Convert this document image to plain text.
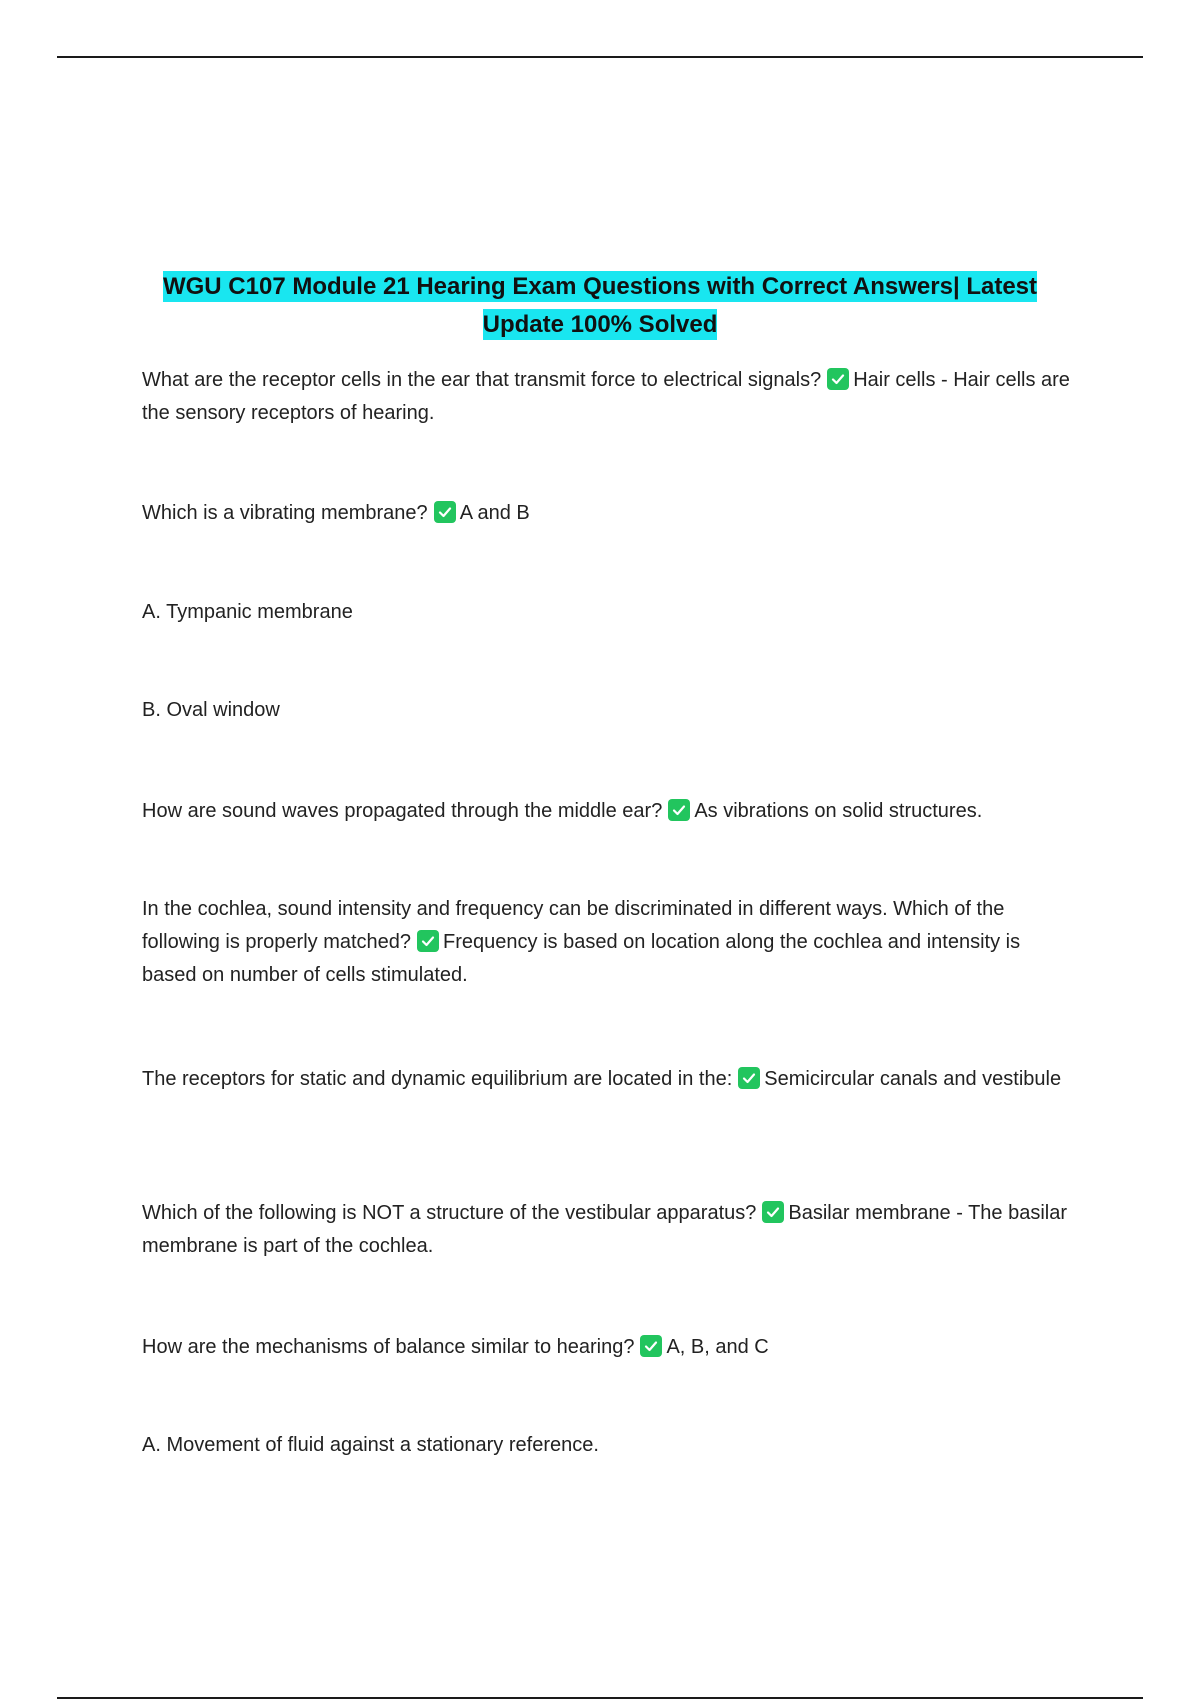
WGU C107 Module 21 Hearing Exam Questions with Correct Answers| Latest Update 100% Solved
What are the receptor cells in the ear that transmit force to electrical signals? Hair cells - Hair cells are the sensory receptors of hearing.
Which is a vibrating membrane? A and B
A. Tympanic membrane
B. Oval window
How are sound waves propagated through the middle ear? As vibrations on solid structures.
In the cochlea, sound intensity and frequency can be discriminated in different ways. Which of the following is properly matched? Frequency is based on location along the cochlea and intensity is based on number of cells stimulated.
The receptors for static and dynamic equilibrium are located in the: Semicircular canals and vestibule
Which of the following is NOT a structure of the vestibular apparatus? Basilar membrane - The basilar membrane is part of the cochlea.
How are the mechanisms of balance similar to hearing? A, B, and C
A. Movement of fluid against a stationary reference.
